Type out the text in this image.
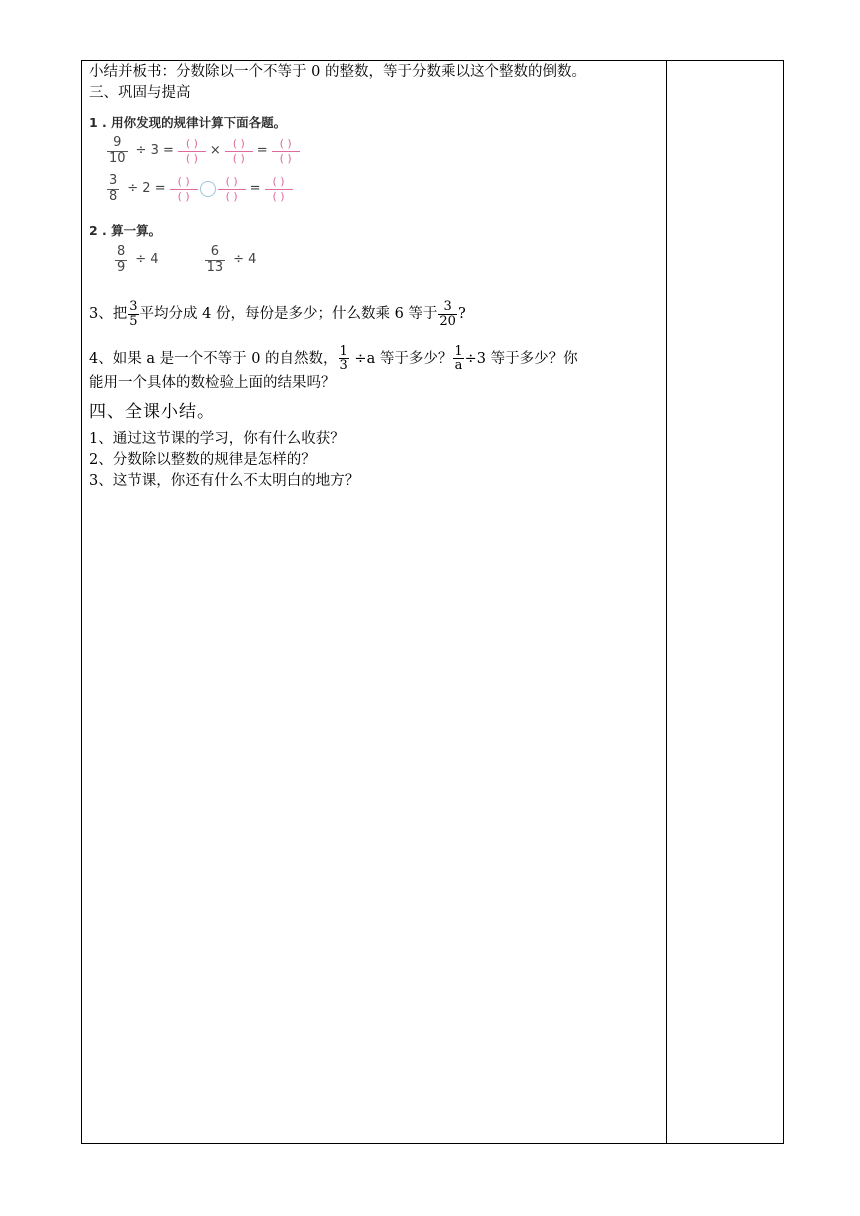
小结并板书：分数除以一个不等于 0 的整数，等于分数乘以这个整数的倒数。
三、巩固与提高
1 . 用你发现的规律计算下面各题。
$\frac{9}{10} \div 3$ =	( )
( )
×	( )
( )
=	( )
( )
$\frac{3}{8} \div 2$ =	( )
( )
( )
( )
=	( )
( )
2 . 算一算。
$\frac{8}{9} \div 4$	$\frac{6}{13} \div 4$
3、把 $\frac{3}{5}$ 平均分成 4 份，每份是多少；什么数乘 6 等于 $\frac{3}{20}$ ?
4、如果 a 是一个不等于 0 的自然数， $\frac{1}{3} \div a$ 等于多少？ $\frac{1}{a} \div 3$ 等于多少？你
能用一个具体的数检验上面的结果吗？
四、全课小结。
1、通过这节课的学习，你有什么收获？
2、分数除以整数的规律是怎样的？
3、这节课，你还有什么不太明白的地方？
